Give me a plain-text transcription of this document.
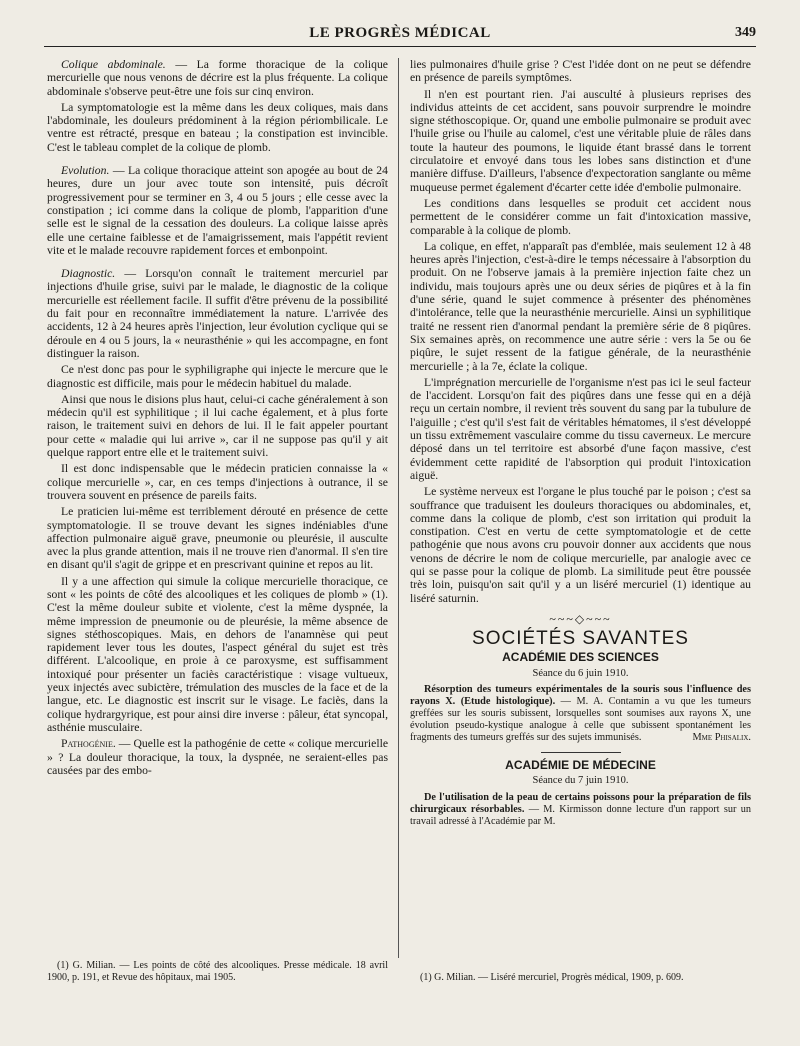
LE PROGRÈS MÉDICAL	349

Colique abdominale. — La forme thoracique de la colique mercurielle que nous venons de décrire est la plus fréquente. La colique abdominale s'observe peut-être une fois sur cinq environ.

La symptomatologie est la même dans les deux coliques, mais dans l'abdominale, les douleurs prédominent à la région périombilicale. Le ventre est rétracté, presque en bateau ; la constipation est invincible. C'est le tableau complet de la colique de plomb.

Evolution. — La colique thoracique atteint son apogée au bout de 24 heures, dure un jour avec toute son intensité, puis décroît progressivement pour se terminer en 3, 4 ou 5 jours ; elle cesse avec la constipation ; ici comme dans la colique de plomb, l'apparition d'une selle est le signal de la cessation des douleurs. La colique laisse après elle une certaine faiblesse et de l'amaigrissement, mais l'appétit revient vite et le malade recouvre rapidement forces et embonpoint.

Diagnostic. — Lorsqu'on connaît le traitement mercuriel par injections d'huile grise, suivi par le malade, le diagnostic de la colique mercurielle est réellement facile. Il suffit d'être prévenu de la possibilité du fait pour en reconnaître immédiatement la nature. L'arrivée des accidents, 12 à 24 heures après l'injection, leur évolution cyclique qui se déroule en 4 ou 5 jours, la « neurasthénie » qui les accompagne, en font distinguer la raison.

Ce n'est donc pas pour le syphiligraphe qui injecte le mercure que le diagnostic est difficile, mais pour le médecin habituel du malade.

Ainsi que nous le disions plus haut, celui-ci cache généralement à son médecin qu'il est syphilitique ; il lui cache également, et à plus forte raison, le traitement suivi en dehors de lui. Il le fait appeler pourtant pour cette « maladie qui lui arrive », car il ne suppose pas qu'il y ait quelque rapport entre elle et le traitement suivi.

Il est donc indispensable que le médecin praticien connaisse la « colique mercurielle », car, en ces temps d'injections à outrance, il se trouvera souvent en présence de pareils faits.

Le praticien lui-même est terriblement dérouté en présence de cette symptomatologie. Il se trouve devant les signes indéniables d'une affection pulmonaire aiguë grave, pneumonie ou pleurésie, il ausculte avec la plus grande attention, mais il ne trouve rien d'anormal. Il s'en tire en disant qu'il s'agit de grippe et en prescrivant quinine et repos au lit.

Il y a une affection qui simule la colique mercurielle thoracique, ce sont « les points de côté des alcooliques et les coliques de plomb » (1). C'est la même douleur subite et violente, c'est la même dyspnée, la même impression de pneumonie ou de pleurésie, la même absence de signes stéthoscopiques. Mais, en dehors de l'anamnèse qui peut rapidement lever tous les doutes, l'aspect général du sujet est très différent. L'alcoolique, en proie à ce paroxysme, est suffisamment intoxiqué pour présenter un faciès caractéristique : visage vultueux, yeux injectés avec subictère, trémulation des muscles de la face et de la langue, etc. Le diagnostic est inscrit sur le visage. Le faciès, dans la colique hydrargyrique, est pour ainsi dire inverse : pâleur, état syncopal, asthénie musculaire.

Pathogénie. — Quelle est la pathogénie de cette « colique mercurielle » ? La douleur thoracique, la toux, la dyspnée, ne seraient-elles pas causées par des embo-

(1) G. Milian. — Les points de côté des alcooliques. Presse médicale. 18 avril 1900, p. 191, et Revue des hôpitaux, mai 1905.

lies pulmonaires d'huile grise ? C'est l'idée dont on ne peut se défendre en présence de pareils symptômes.

Il n'en est pourtant rien. J'ai ausculté à plusieurs reprises des individus atteints de cet accident, sans pouvoir surprendre le moindre signe stéthoscopique. Or, quand une embolie pulmonaire se produit avec l'huile grise ou l'huile au calomel, c'est une véritable pluie de râles dans toute la hauteur des poumons, le liquide étant brassé dans le torrent circulatoire et envoyé dans tous les lobes sans distinction et d'une manière diffuse. D'ailleurs, l'absence d'expectoration sanglante ou même muqueuse permet également d'écarter cette idée d'embolie pulmonaire.

Les conditions dans lesquelles se produit cet accident nous permettent de le considérer comme un fait d'intoxication massive, comparable à la colique de plomb.

La colique, en effet, n'apparaît pas d'emblée, mais seulement 12 à 48 heures après l'injection, c'est-à-dire le temps nécessaire à l'absorption du produit. On ne l'observe jamais à la première injection faite chez un individu, mais toujours après une ou deux séries de piqûres et à la fin d'une série, quand le sujet commence à présenter des phénomènes d'intolérance, telle que la neurasthénie mercurielle. Ainsi un syphilitique traité ne ressent rien d'anormal pendant la première série de 8 piqûres. Six semaines après, on recommence une autre série : vers la 5e ou 6e piqûre, le sujet ressent de la fatigue générale, de la neurasthénie mercurielle ; à la 7e, éclate la colique.

L'imprégnation mercurielle de l'organisme n'est pas ici le seul facteur de l'accident. Lorsqu'on fait des piqûres dans une fesse qui en a déjà reçu un certain nombre, il revient très souvent du sang par la tubulure de l'aiguille ; c'est qu'il s'est fait de véritables hématomes, il s'est développé un tissu extrêmement vasculaire comme du tissu caverneux. Le mercure déposé dans un tel territoire est absorbé d'une façon massive, c'est évidemment cette rapidité de l'absorption qui produit l'intoxication aiguë.

Le système nerveux est l'organe le plus touché par le poison ; c'est sa souffrance que traduisent les douleurs thoraciques ou abdominales, et, comme dans la colique de plomb, c'est son irritation qui produit la constipation. C'est en vertu de cette symptomatologie et de cette pathogénie que nous avons cru pouvoir donner aux accidents que nous venons de décrire le nom de colique mercurielle, par analogie avec ce qui se passe pour la colique de plomb. La similitude peut être poussée très loin, puisqu'on sait qu'il y a un liséré mercuriel (1) identique au liséré saturnin.

~~~◇~~~
SOCIÉTÉS SAVANTES
ACADÉMIE DES SCIENCES
Séance du 6 juin 1910.

Résorption des tumeurs expérimentales de la souris sous l'influence des rayons X. (Etude histologique). — M. A. Contamin a vu que les tumeurs greffées sur les souris subissent, lorsquelles sont soumises aux rayons X, une évolution pseudo-kystique analogue à celle que subissent spontanément les fragments des tumeurs greffés sur des sujets immunisés.	Mme Phisalix.

ACADÉMIE DE MÉDECINE
Séance du 7 juin 1910.

De l'utilisation de la peau de certains poissons pour la préparation de fils chirurgicaux résorbables. — M. Kirmisson donne lecture d'un rapport sur un travail adressé à l'Académie par M.

(1) G. Milian. — Liséré mercuriel, Progrès médical, 1909, p. 609.
